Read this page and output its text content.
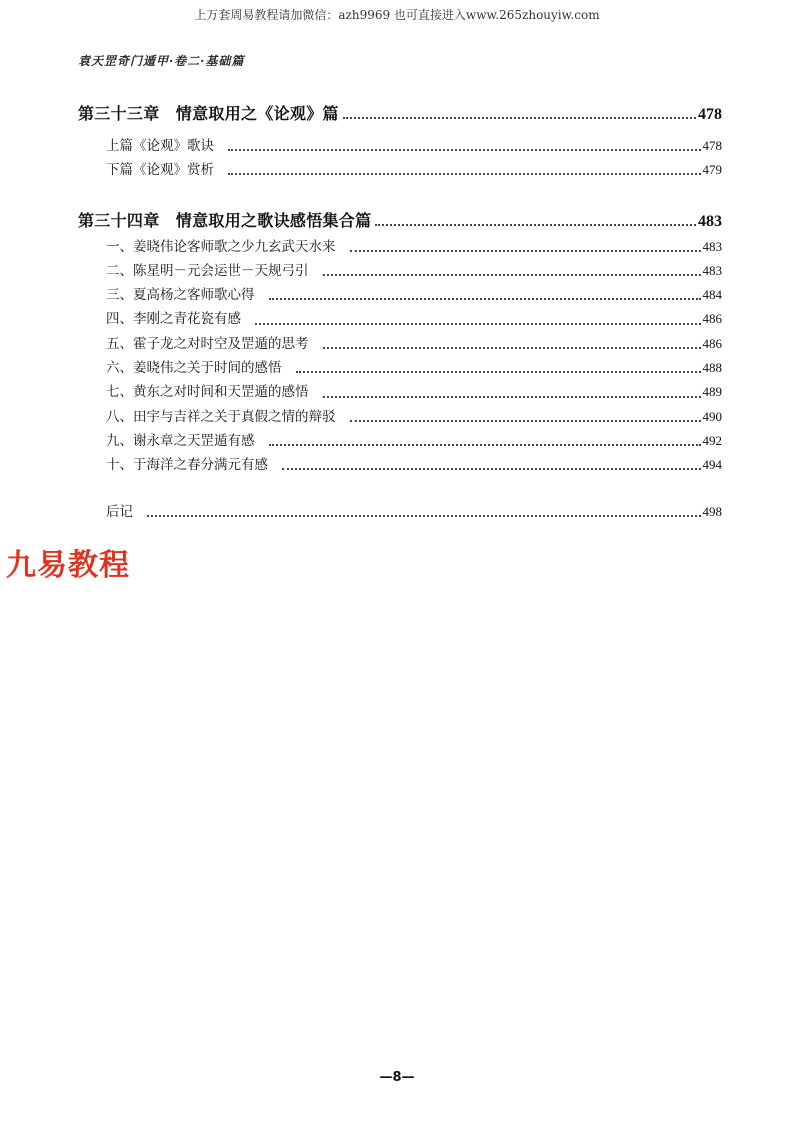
上万套周易教程请加微信：azh9969 也可直接进入www.265zhouyiw.com
袁天罡奇门遁甲·卷二·基础篇
第三十三章　情意取用之《论观》篇	478
上篇《论观》歌诀	478
下篇《论观》赏析	479
第三十四章　情意取用之歌诀感悟集合篇	483
一、姜晓伟论客师歌之少九玄武天水来	483
二、陈星明－元会运世－天规弓引	483
三、夏高杨之客师歌心得	484
四、李刚之青花瓷有感	486
五、霍子龙之对时空及罡遁的思考	486
六、姜晓伟之关于时间的感悟	488
七、黄东之对时间和天罡遁的感悟	489
八、田宇与吉祥之关于真假之情的辩驳	490
九、谢永章之天罡遁有感	492
十、于海洋之春分满元有感	494
后记	498
九易教程
—8—
